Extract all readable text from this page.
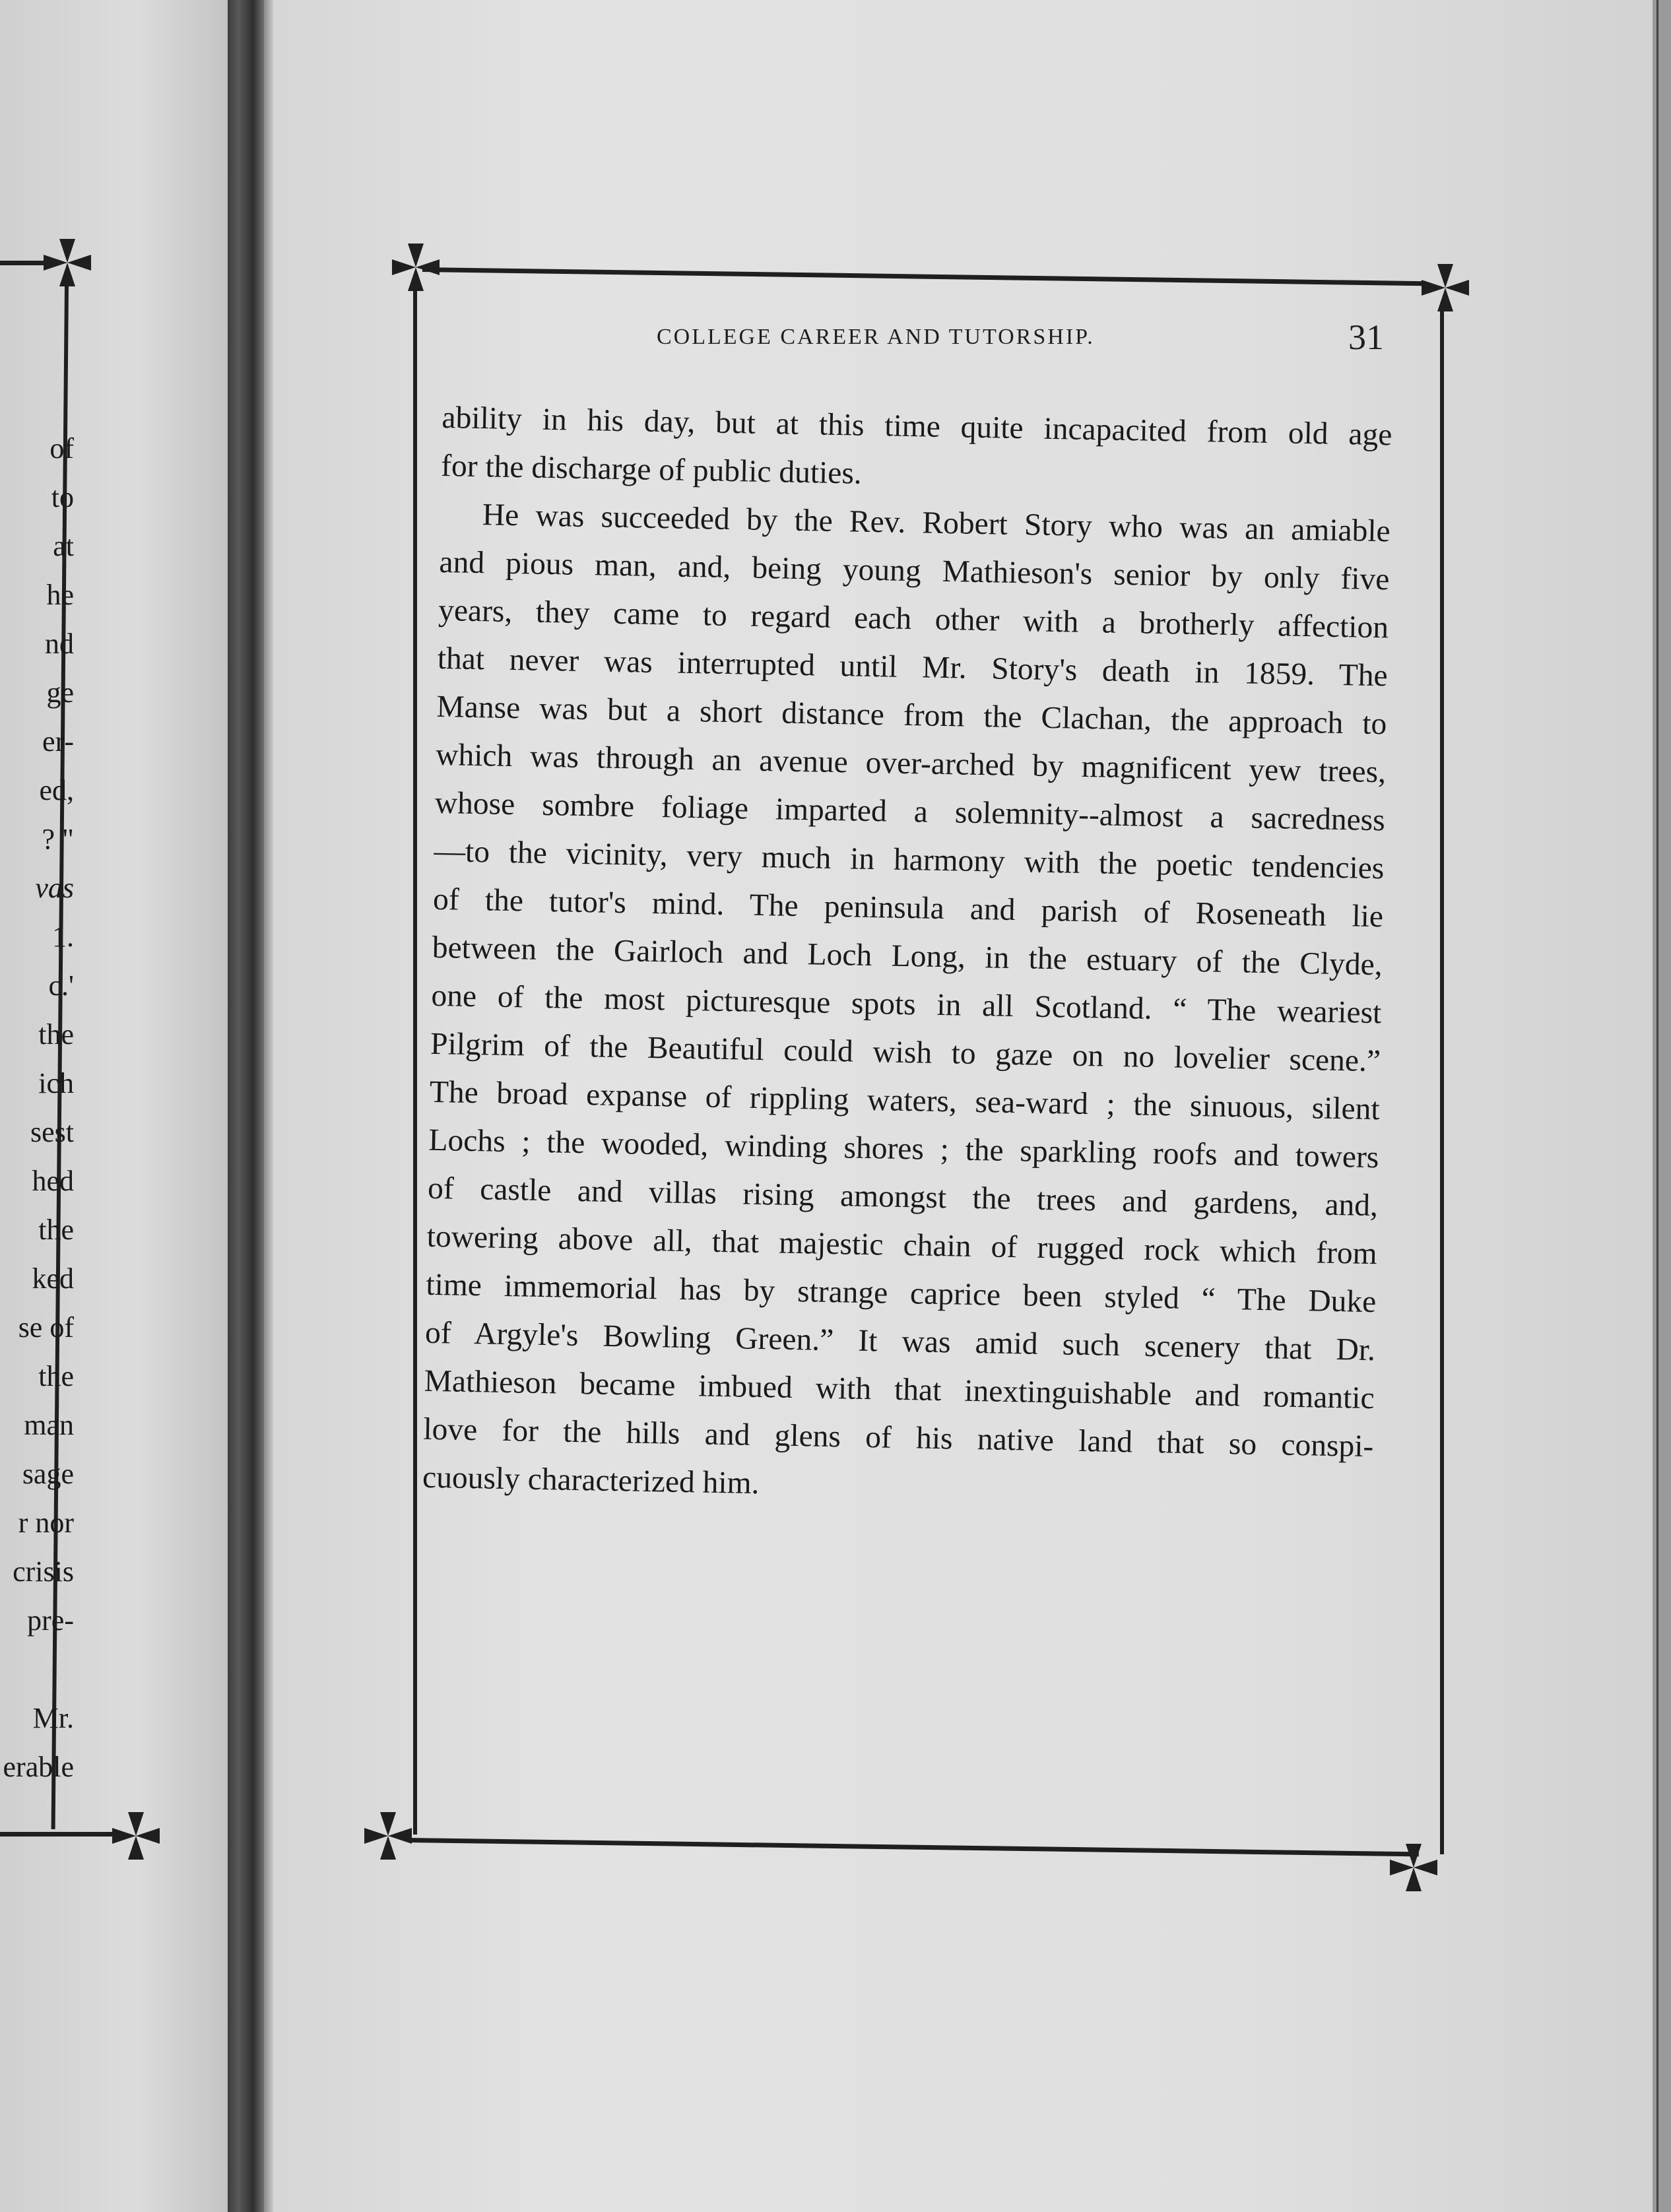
of
to
at
he
nd
ge
er-
ed,
? "
vas
1.
c.'
the
ich
sest
hed
the
ked
se of
the
man
sage
r nor
crisis
pre-
Mr.
erable
COLLEGE CAREER AND TUTORSHIP.	31
ability in his day, but at this time quite incapacited from old age
for the discharge of public duties.
He was succeeded by the Rev. Robert Story who was an amiable
and pious man, and, being young Mathieson's senior by only five
years, they came to regard each other with a brotherly affection
that never was interrupted until Mr. Story's death in 1859. The
Manse was but a short distance from the Clachan, the approach to
which was through an avenue over-arched by magnificent yew trees,
whose sombre foliage imparted a solemnity--almost a sacredness
—to the vicinity, very much in harmony with the poetic tendencies
of the tutor's mind. The peninsula and parish of Roseneath lie
between the Gairloch and Loch Long, in the estuary of the Clyde,
one of the most picturesque spots in all Scotland. “ The weariest
Pilgrim of the Beautiful could wish to gaze on no lovelier scene.”
The broad expanse of rippling waters, sea-ward ; the sinuous, silent
Lochs ; the wooded, winding shores ; the sparkling roofs and towers
of castle and villas rising amongst the trees and gardens, and,
towering above all, that majestic chain of rugged rock which from
time immemorial has by strange caprice been styled “ The Duke
of Argyle's Bowling Green.” It was amid such scenery that Dr.
Mathieson became imbued with that inextinguishable and romantic
love for the hills and glens of his native land that so conspi-
cuously characterized him.
